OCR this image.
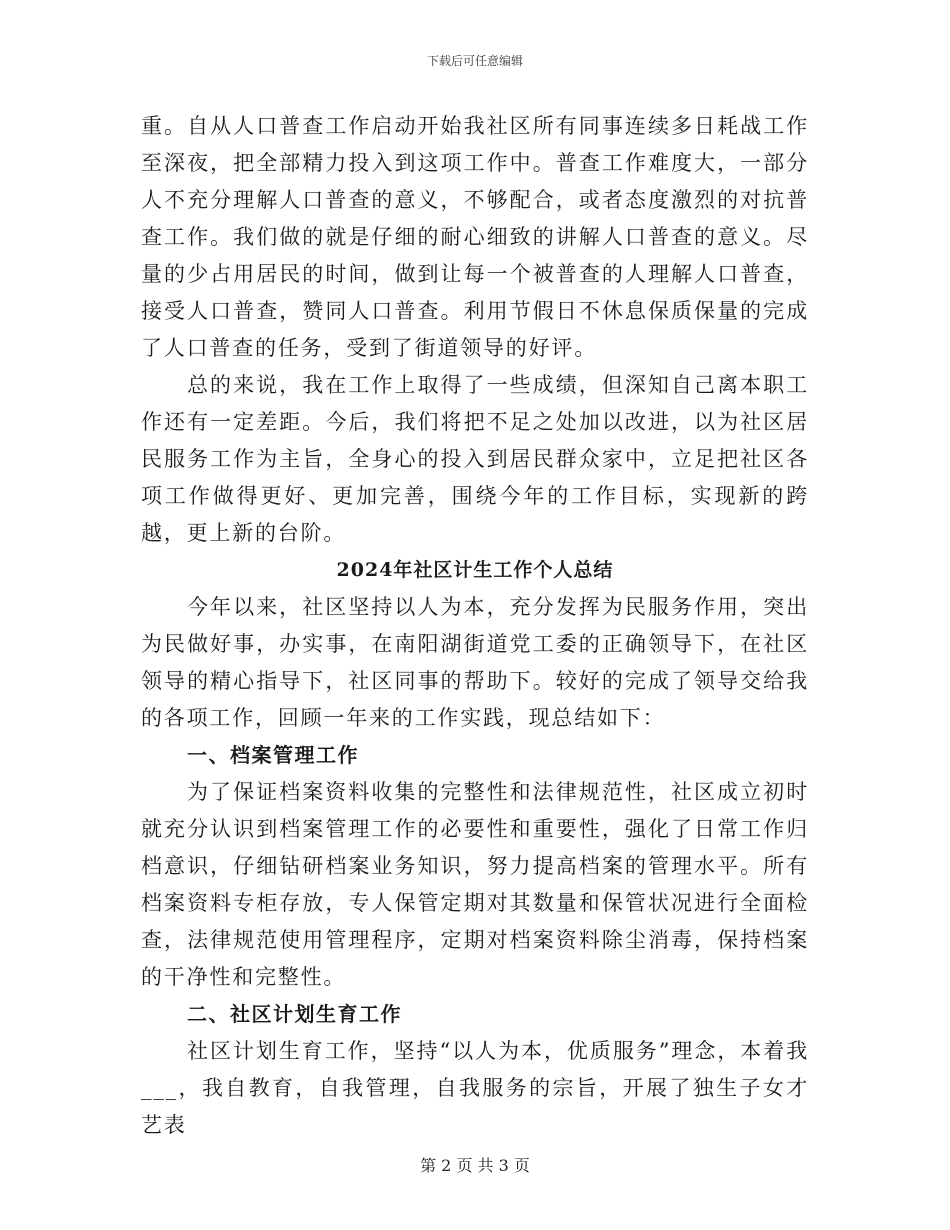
下载后可任意编辑

重。自从人口普查工作启动开始我社区所有同事连续多日耗战工作至深夜，把全部精力投入到这项工作中。普查工作难度大，一部分人不充分理解人口普查的意义，不够配合，或者态度激烈的对抗普查工作。我们做的就是仔细的耐心细致的讲解人口普查的意义。尽量的少占用居民的时间，做到让每一个被普查的人理解人口普查，接受人口普查，赞同人口普查。利用节假日不休息保质保量的完成了人口普查的任务，受到了街道领导的好评。

总的来说，我在工作上取得了一些成绩，但深知自己离本职工作还有一定差距。今后，我们将把不足之处加以改进，以为社区居民服务工作为主旨，全身心的投入到居民群众家中，立足把社区各项工作做得更好、更加完善，围绕今年的工作目标，实现新的跨越，更上新的台阶。

2024年社区计生工作个人总结

今年以来，社区坚持以人为本，充分发挥为民服务作用，突出为民做好事，办实事，在南阳湖街道党工委的正确领导下，在社区领导的精心指导下，社区同事的帮助下。较好的完成了领导交给我的各项工作，回顾一年来的工作实践，现总结如下：

一、档案管理工作

为了保证档案资料收集的完整性和法律规范性，社区成立初时就充分认识到档案管理工作的必要性和重要性，强化了日常工作归档意识，仔细钻研档案业务知识，努力提高档案的管理水平。所有档案资料专柜存放，专人保管定期对其数量和保管状况进行全面检查，法律规范使用管理程序，定期对档案资料除尘消毒，保持档案的干净性和完整性。

二、社区计划生育工作

社区计划生育工作，坚持“以人为本，优质服务”理念，本着我___，我自教育，自我管理，自我服务的宗旨，开展了独生子女才艺表

第 2 页 共 3 页
